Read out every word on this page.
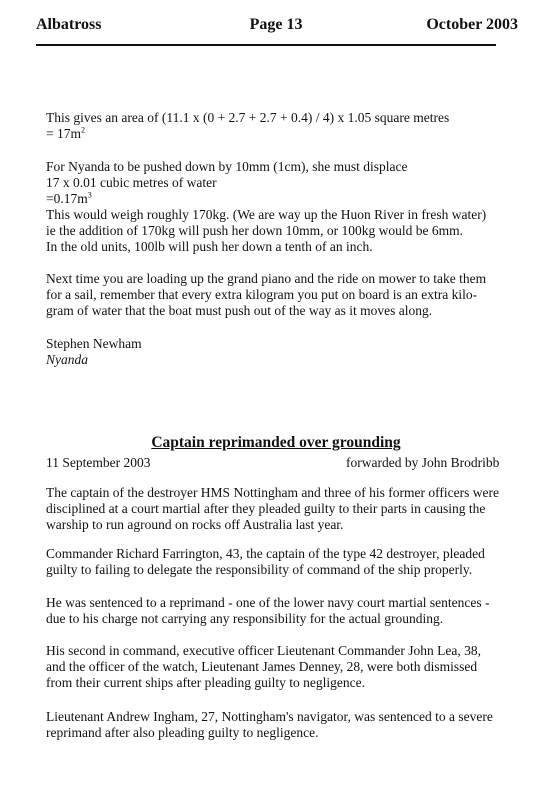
Albatross	Page 13	October 2003

This gives an area of (11.1 x (0 + 2.7 + 2.7 + 0.4) / 4) x 1.05 square metres

= $17m^2$

For Nyanda to be pushed down by 10mm (1cm), she must displace

17 x 0.01 cubic metres of water

$=0.17m^3$

This would weigh roughly 170kg. (We are way up the Huon River in fresh water)

ie the addition of 170kg will push her down 10mm, or 100kg would be 6mm.

In the old units, 100lb will push her down a tenth of an inch.

Next time you are loading up the grand piano and the ride on mower to take them

for a sail, remember that every extra kilogram you put on board is an extra kilo-

gram of water that the boat must push out of the way as it moves along.

Stephen Newham

Nyanda

Captain reprimanded over grounding
11 September 2003	forwarded by John Brodribb

The captain of the destroyer HMS Nottingham and three of his former officers were

disciplined at a court martial after they pleaded guilty to their parts in causing the

warship to run aground on rocks off Australia last year.

Commander Richard Farrington, 43, the captain of the type 42 destroyer, pleaded

guilty to failing to delegate the responsibility of command of the ship properly.

He was sentenced to a reprimand - one of the lower navy court martial sentences -

due to his charge not carrying any responsibility for the actual grounding.

His second in command, executive officer Lieutenant Commander John Lea, 38,

and the officer of the watch, Lieutenant James Denney, 28, were both dismissed

from their current ships after pleading guilty to negligence.

Lieutenant Andrew Ingham, 27, Nottingham's navigator, was sentenced to a severe

reprimand after also pleading guilty to negligence.
